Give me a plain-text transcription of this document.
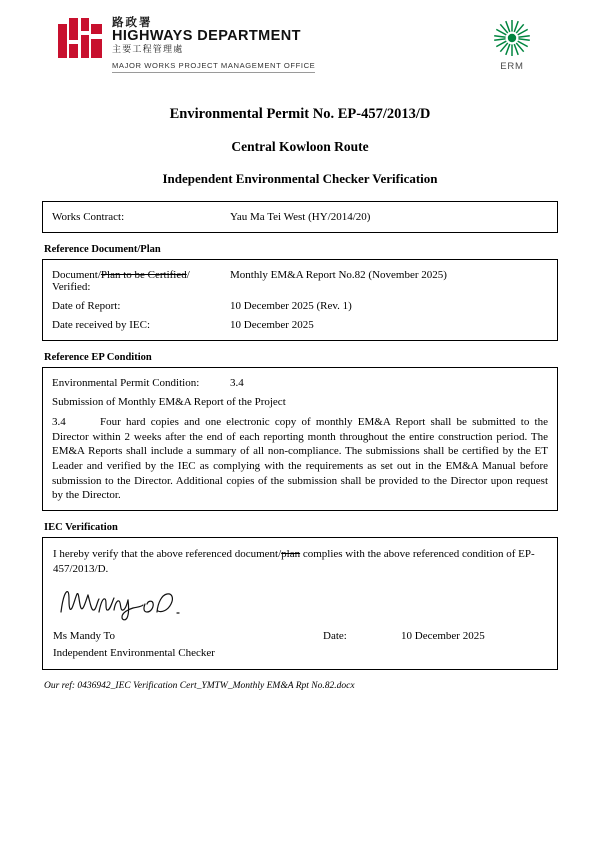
路政署
HIGHWAYS DEPARTMENT
主要工程管理處
MAJOR WORKS PROJECT MANAGEMENT OFFICE	ERM
Environmental Permit No. EP-457/2013/D
Central Kowloon Route
Independent Environmental Checker Verification
Works Contract:	Yau Ma Tei West (HY/2014/20)
Reference Document/Plan
Document/Plan to be Certified/ Verified:
Monthly EM&A Report No.82 (November 2025)
Date of Report:	10 December 2025 (Rev. 1)
Date received by IEC:	10 December 2025
Reference EP Condition
Environmental Permit Condition:	3.4
Submission of Monthly EM&A Report of the Project
3.4	Four hard copies and one electronic copy of monthly EM&A Report shall be submitted to the Director within 2 weeks after the end of each reporting month throughout the entire construction period. The EM&A Reports shall include a summary of all non-compliance. The submissions shall be certified by the ET Leader and verified by the IEC as complying with the requirements as set out in the EM&A Manual before submission to the Director. Additional copies of the submission shall be provided to the Director upon request by the Director.
IEC Verification
I hereby verify that the above referenced document/plan complies with the above referenced condition of EP-457/2013/D.
Ms Mandy To	Date:	10 December 2025
Independent Environmental Checker
Our ref: 0436942_IEC Verification Cert_YMTW_Monthly EM&A Rpt No.82.docx
